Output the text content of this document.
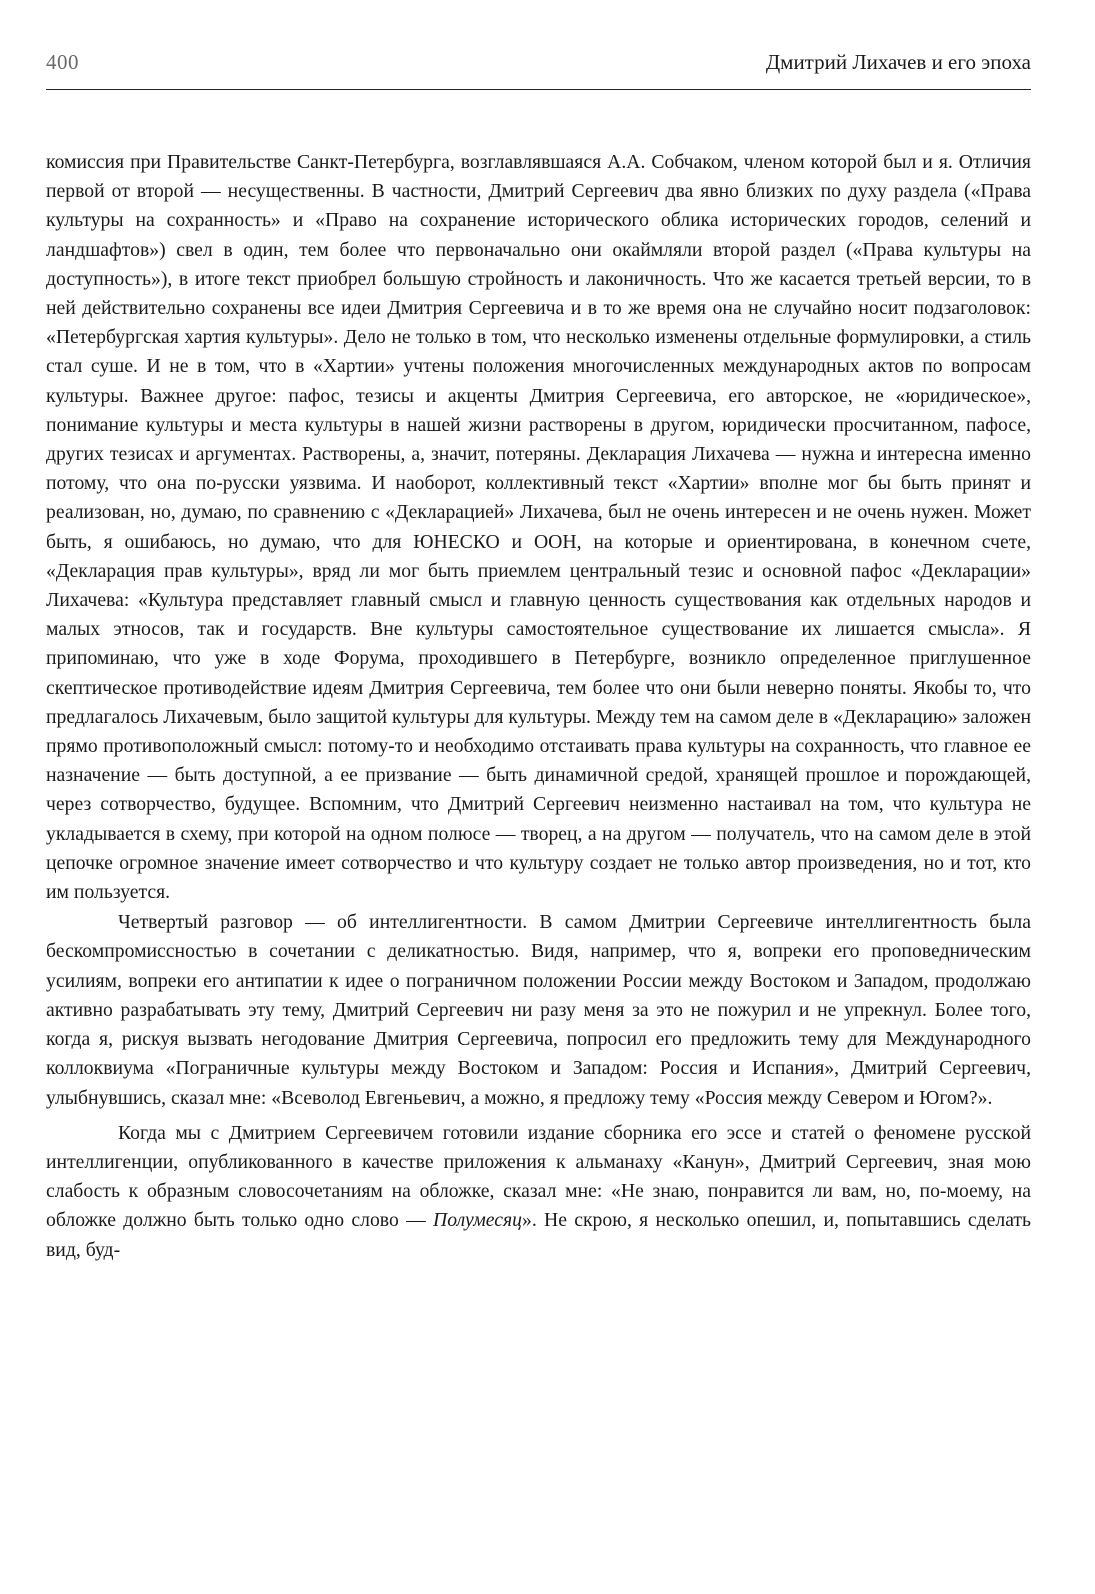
400	Дмитрий Лихачев и его эпоха

комиссия при Правительстве Санкт-Петербурга, возглавлявшаяся А.А. Собчаком, членом которой был и я. Отличия первой от второй — несущественны. В частности, Дмитрий Сергеевич два явно близких по духу раздела («Права культуры на сохранность» и «Право на сохранение исторического облика исторических городов, селений и ландшафтов») свел в один, тем более что первоначально они окаймляли второй раздел («Права культуры на доступность»), в итоге текст приобрел большую стройность и лаконичность. Что же касается третьей версии, то в ней действительно сохранены все идеи Дмитрия Сергеевича и в то же время она не случайно носит подзаголовок: «Петербургская хартия культуры». Дело не только в том, что несколько изменены отдельные формулировки, а стиль стал суше. И не в том, что в «Хартии» учтены положения многочисленных международных актов по вопросам культуры. Важнее другое: пафос, тезисы и акценты Дмитрия Сергеевича, его авторское, не «юридическое», понимание культуры и места культуры в нашей жизни растворены в другом, юридически просчитанном, пафосе, других тезисах и аргументах. Растворены, а, значит, потеряны. Декларация Лихачева — нужна и интересна именно потому, что она по-русски уязвима. И наоборот, коллективный текст «Хартии» вполне мог бы быть принят и реализован, но, думаю, по сравнению с «Декларацией» Лихачева, был не очень интересен и не очень нужен. Может быть, я ошибаюсь, но думаю, что для ЮНЕСКО и ООН, на которые и ориентирована, в конечном счете, «Декларация прав культуры», вряд ли мог быть приемлем центральный тезис и основной пафос «Декларации» Лихачева: «Культура представляет главный смысл и главную ценность существования как отдельных народов и малых этносов, так и государств. Вне культуры самостоятельное существование их лишается смысла». Я припоминаю, что уже в ходе Форума, проходившего в Петербурге, возникло определенное приглушенное скептическое противодействие идеям Дмитрия Сергеевича, тем более что они были неверно поняты. Якобы то, что предлагалось Лихачевым, было защитой культуры для культуры. Между тем на самом деле в «Декларацию» заложен прямо противоположный смысл: потому-то и необходимо отстаивать права культуры на сохранность, что главное ее назначение — быть доступной, а ее призвание — быть динамичной средой, хранящей прошлое и порождающей, через сотворчество, будущее. Вспомним, что Дмитрий Сергеевич неизменно настаивал на том, что культура не укладывается в схему, при которой на одном полюсе — творец, а на другом — получатель, что на самом деле в этой цепочке огромное значение имеет сотворчество и что культуру создает не только автор произведения, но и тот, кто им пользуется.

Четвертый разговор — об интеллигентности. В самом Дмитрии Сергеевиче интеллигентность была бескомпромиссностью в сочетании с деликатностью. Видя, например, что я, вопреки его проповедническим усилиям, вопреки его антипатии к идее о пограничном положении России между Востоком и Западом, продолжаю активно разрабатывать эту тему, Дмитрий Сергеевич ни разу меня за это не пожурил и не упрекнул. Более того, когда я, рискуя вызвать негодование Дмитрия Сергеевича, попросил его предложить тему для Международного коллоквиума «Пограничные культуры между Востоком и Западом: Россия и Испания», Дмитрий Сергеевич, улыбнувшись, сказал мне: «Всеволод Евгеньевич, а можно, я предложу тему «Россия между Севером и Югом?».

Когда мы с Дмитрием Сергеевичем готовили издание сборника его эссе и статей о феномене русской интеллигенции, опубликованного в качестве приложения к альманаху «Канун», Дмитрий Сергеевич, зная мою слабость к образным словосочетаниям на обложке, сказал мне: «Не знаю, понравится ли вам, но, по-моему, на обложке должно быть только одно слово — Полумесяц». Не скрою, я несколько опешил, и, попытавшись сделать вид, буд-
